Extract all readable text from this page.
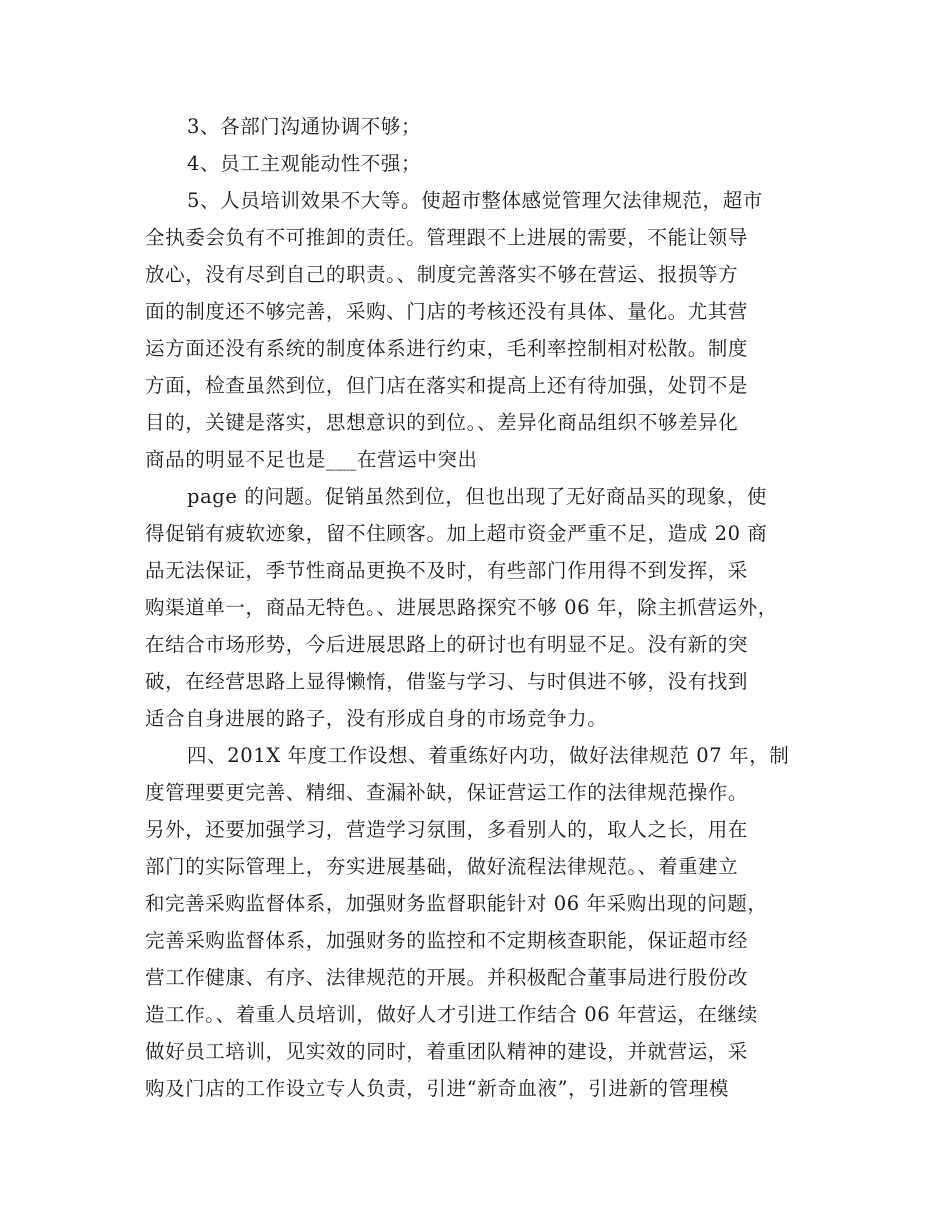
3、各部门沟通协调不够；
4、员工主观能动性不强；
5、人员培训效果不大等。使超市整体感觉管理欠法律规范，超市
全执委会负有不可推卸的责任。管理跟不上进展的需要，不能让领导
放心，没有尽到自己的职责。、制度完善落实不够在营运、报损等方
面的制度还不够完善，采购、门店的考核还没有具体、量化。尤其营
运方面还没有系统的制度体系进行约束，毛利率控制相对松散。制度
方面，检查虽然到位，但门店在落实和提高上还有待加强，处罚不是
目的，关键是落实，思想意识的到位。、差异化商品组织不够差异化
商品的明显不足也是___在营运中突出
page 的问题。促销虽然到位，但也出现了无好商品买的现象，使
得促销有疲软迹象，留不住顾客。加上超市资金严重不足，造成 20 商
品无法保证，季节性商品更换不及时，有些部门作用得不到发挥，采
购渠道单一，商品无特色。、进展思路探究不够 06 年，除主抓营运外，
在结合市场形势，今后进展思路上的研讨也有明显不足。没有新的突
破，在经营思路上显得懒惰，借鉴与学习、与时俱进不够，没有找到
适合自身进展的路子，没有形成自身的市场竞争力。
四、201X 年度工作设想、着重练好内功，做好法律规范 07 年，制
度管理要更完善、精细、查漏补缺，保证营运工作的法律规范操作。
另外，还要加强学习，营造学习氛围，多看别人的，取人之长，用在
部门的实际管理上，夯实进展基础，做好流程法律规范。、着重建立
和完善采购监督体系，加强财务监督职能针对 06 年采购出现的问题，
完善采购监督体系，加强财务的监控和不定期核查职能，保证超市经
营工作健康、有序、法律规范的开展。并积极配合董事局进行股份改
造工作。、着重人员培训，做好人才引进工作结合 06 年营运，在继续
做好员工培训，见实效的同时，着重团队精神的建设，并就营运，采
购及门店的工作设立专人负责，引进“新奇血液”，引进新的管理模
